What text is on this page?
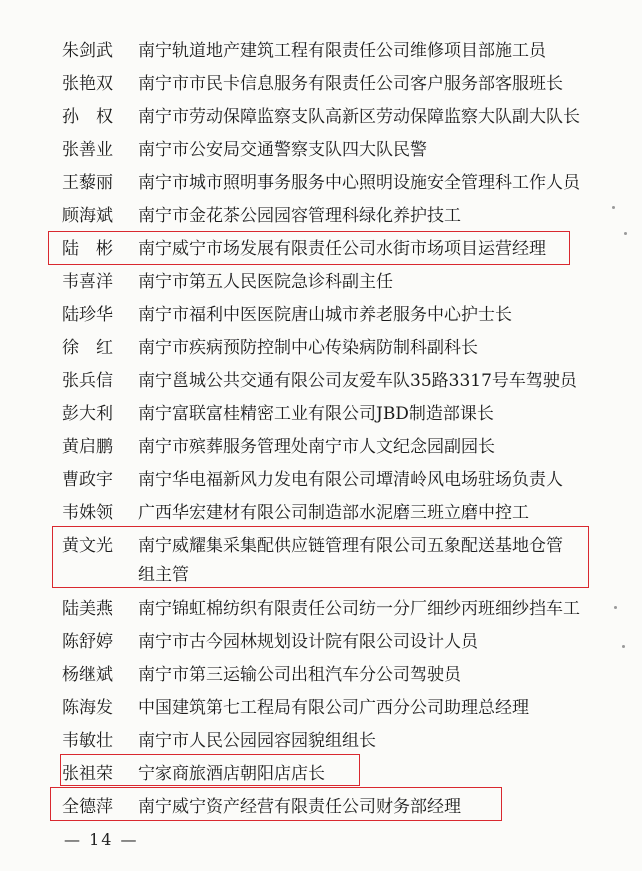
朱剑武 南宁轨道地产建筑工程有限责任公司维修项目部施工员
张艳双 南宁市市民卡信息服务有限责任公司客户服务部客服班长
孙　权 南宁市劳动保障监察支队高新区劳动保障监察大队副大队长
张善业 南宁市公安局交通警察支队四大队民警
王藜丽 南宁市城市照明事务服务中心照明设施安全管理科工作人员
顾海斌 南宁市金花茶公园园容管理科绿化养护技工
陆　彬 南宁威宁市场发展有限责任公司水街市场项目运营经理
韦喜洋 南宁市第五人民医院急诊科副主任
陆珍华 南宁市福利中医医院唐山城市养老服务中心护士长
徐　红 南宁市疾病预防控制中心传染病防制科副科长
张兵信 南宁邕城公共交通有限公司友爱车队35路3317号车驾驶员
彭大利 南宁富联富桂精密工业有限公司JBD制造部课长
黄启鹏 南宁市殡葬服务管理处南宁市人文纪念园副园长
曹政宇 南宁华电福新风力发电有限公司墰清岭风电场驻场负责人
韦姝领 广西华宏建材有限公司制造部水泥磨三班立磨中控工
黄文光 南宁威耀集采集配供应链管理有限公司五象配送基地仓管组主管
陆美燕 南宁锦虹棉纺织有限责任公司纺一分厂细纱丙班细纱挡车工
陈舒婷 南宁市古今园林规划设计院有限公司设计人员
杨继斌 南宁市第三运输公司出租汽车分公司驾驶员
陈海发 中国建筑第七工程局有限公司广西分公司助理总经理
韦敏壮 南宁市人民公园园容园貌组组长
张祖荣 宁家商旅酒店朝阳店店长
全德萍 南宁威宁资产经营有限责任公司财务部经理
— 14 —
